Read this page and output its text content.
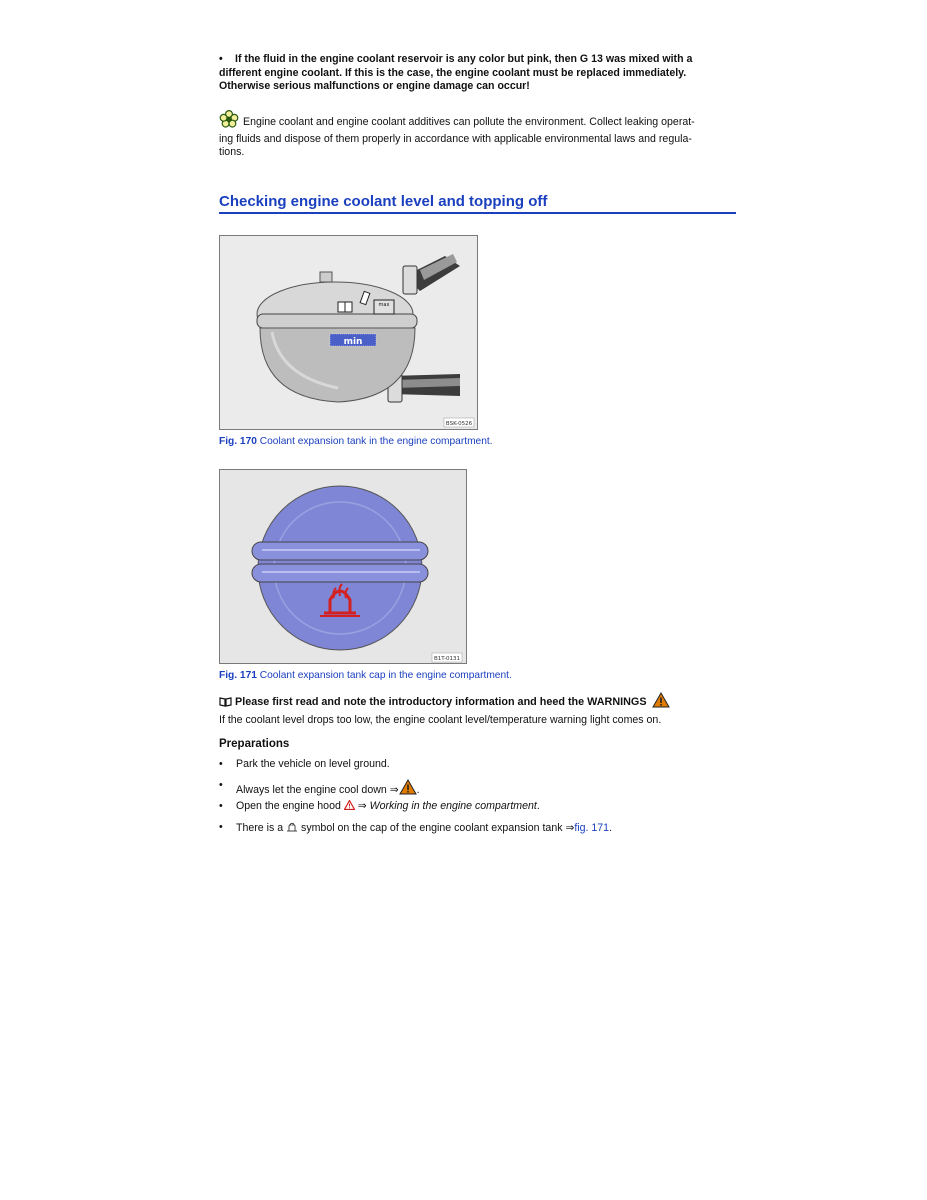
• If the fluid in the engine coolant reservoir is any color but pink, then G 13 was mixed with a
different engine coolant. If this is the case, the engine coolant must be replaced immediately.
Otherwise serious malfunctions or engine damage can occur!
Engine coolant and engine coolant additives can pollute the environment. Collect leaking operat-
ing fluids and dispose of them properly in accordance with applicable environmental laws and regula-
tions.
Checking engine coolant level and topping off
max
min
BSK-0526
Fig. 170 Coolant expansion tank in the engine compartment.
B1T-0131
Fig. 171 Coolant expansion tank cap in the engine compartment.
Please first read and note the introductory information and heed the WARNINGS
If the coolant level drops too low, the engine coolant level/temperature warning light comes on.
Preparations
• Park the vehicle on level ground.
• Always let the engine cool down ⇒ .
• Open the engine hood  ⇒ Working in the engine compartment.
• There is a symbol on the cap of the engine coolant expansion tank ⇒fig. 171.
